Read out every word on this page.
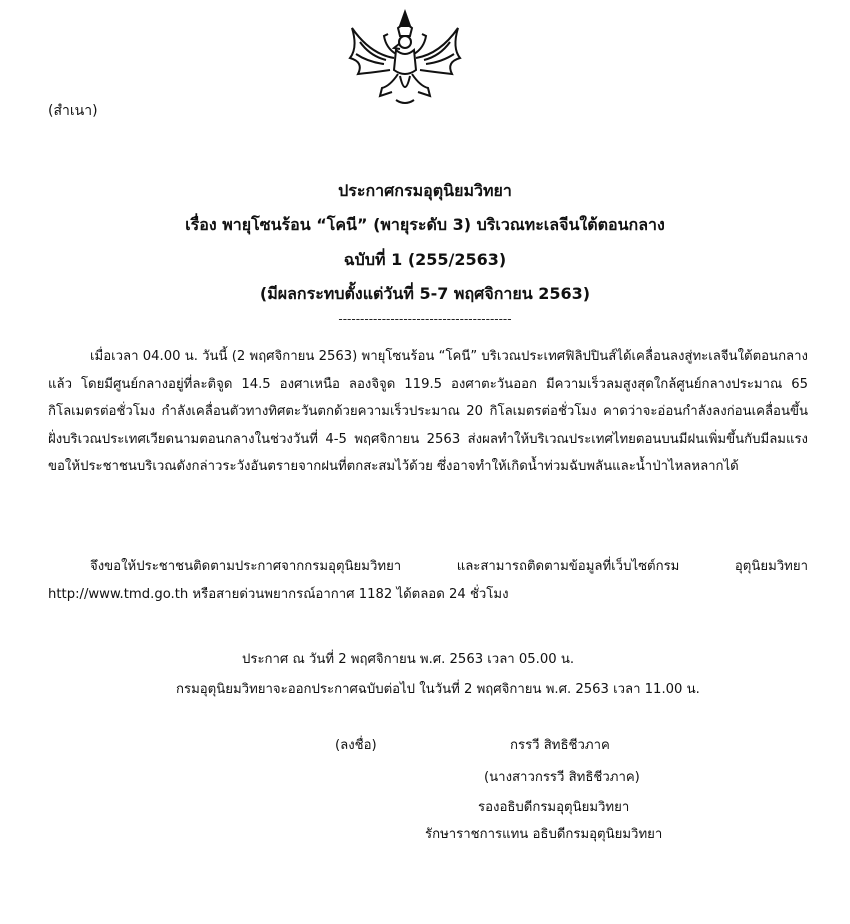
(สำเนา)
ประกาศกรมอุตุนิยมวิทยา
เรื่อง พายุโซนร้อน “โคนี” (พายุระดับ 3) บริเวณทะเลจีนใต้ตอนกลาง
ฉบับที่ 1 (255/2563)
(มีผลกระทบตั้งแต่วันที่ 5-7 พฤศจิกายน 2563)
----------------------------------------
เมื่อเวลา 04.00 น. วันนี้ (2 พฤศจิกายน 2563) พายุโซนร้อน “โคนี” บริเวณประเทศฟิลิปปินส์ได้เคลื่อนลงสู่ทะเลจีนใต้ตอนกลางแล้ว โดยมีศูนย์กลางอยู่ที่ละติจูด 14.5 องศาเหนือ ลองจิจูด 119.5 องศาตะวันออก มีความเร็วลมสูงสุดใกล้ศูนย์กลางประมาณ 65 กิโลเมตรต่อชั่วโมง กำลังเคลื่อนตัวทางทิศตะวันตกด้วยความเร็วประมาณ 20 กิโลเมตรต่อชั่วโมง คาดว่าจะอ่อนกำลังลงก่อนเคลื่อนขึ้นฝั่งบริเวณประเทศเวียดนามตอนกลางในช่วงวันที่ 4-5 พฤศจิกายน 2563 ส่งผลทำให้บริเวณประเทศไทยตอนบนมีฝนเพิ่มขึ้นกับมีลมแรง ขอให้ประชาชนบริเวณดังกล่าวระวังอันตรายจากฝนที่ตกสะสมไว้ด้วย ซึ่งอาจทำให้เกิดน้ำท่วมฉับพลันและน้ำป่าไหลหลากได้
จึงขอให้ประชาชนติดตามประกาศจากกรมอุตุนิยมวิทยา และสามารถติดตามข้อมูลที่เว็บไซต์กรม อุตุนิยมวิทยา http://www.tmd.go.th หรือสายด่วนพยากรณ์อากาศ 1182 ได้ตลอด 24 ชั่วโมง
ประกาศ ณ วันที่ 2 พฤศจิกายน พ.ศ. 2563 เวลา 05.00 น.
กรมอุตุนิยมวิทยาจะออกประกาศฉบับต่อไป ในวันที่ 2 พฤศจิกายน พ.ศ. 2563 เวลา 11.00 น.
(ลงชื่อ)	กรรวี สิทธิชีวภาค
(นางสาวกรรวี สิทธิชีวภาค)
รองอธิบดีกรมอุตุนิยมวิทยา
รักษาราชการแทน อธิบดีกรมอุตุนิยมวิทยา
